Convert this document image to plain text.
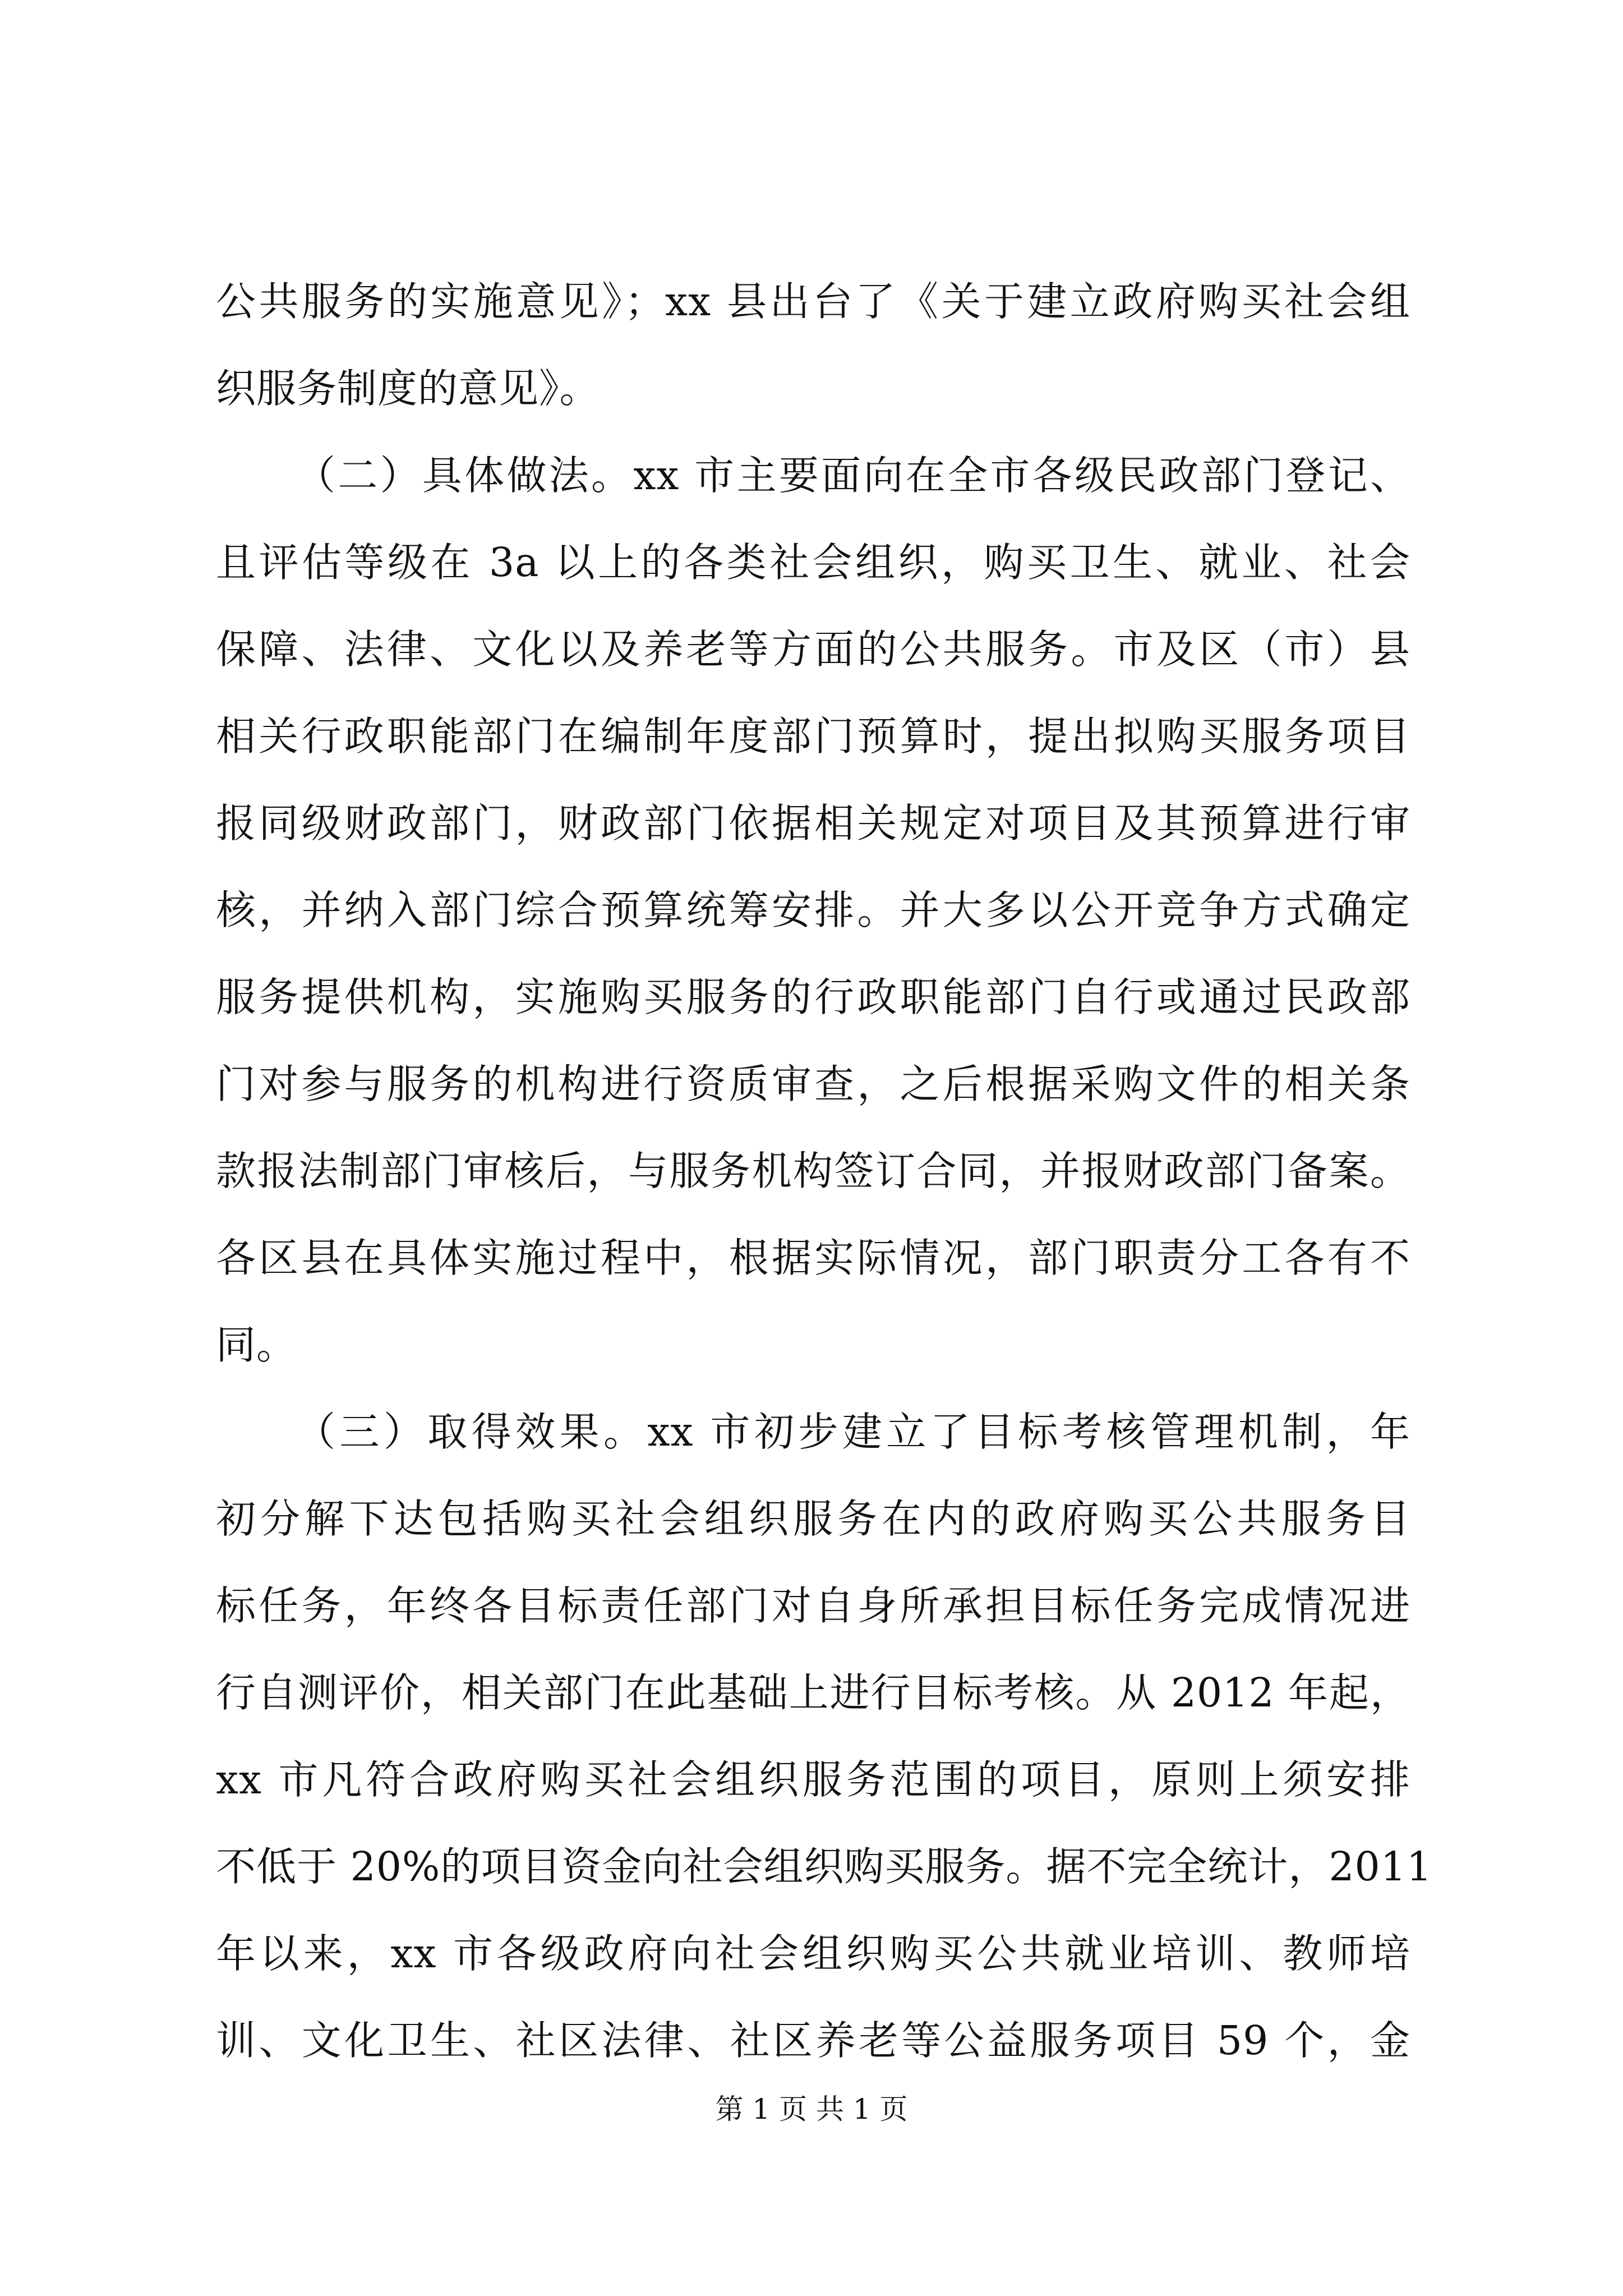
公共服务的实施意见》；xx 县出台了《关于建立政府购买社会组
织服务制度的意见》。
（二）具体做法。xx 市主要面向在全市各级民政部门登记、
且评估等级在 3a 以上的各类社会组织，购买卫生、就业、社会
保障、法律、文化以及养老等方面的公共服务。市及区（市）县
相关行政职能部门在编制年度部门预算时，提出拟购买服务项目
报同级财政部门，财政部门依据相关规定对项目及其预算进行审
核，并纳入部门综合预算统筹安排。并大多以公开竞争方式确定
服务提供机构，实施购买服务的行政职能部门自行或通过民政部
门对参与服务的机构进行资质审查，之后根据采购文件的相关条
款报法制部门审核后，与服务机构签订合同，并报财政部门备案。
各区县在具体实施过程中，根据实际情况，部门职责分工各有不
同。
（三）取得效果。xx 市初步建立了目标考核管理机制，年
初分解下达包括购买社会组织服务在内的政府购买公共服务目
标任务，年终各目标责任部门对自身所承担目标任务完成情况进
行自测评价，相关部门在此基础上进行目标考核。从 2012 年起，
xx 市凡符合政府购买社会组织服务范围的项目，原则上须安排
不低于 20%的项目资金向社会组织购买服务。据不完全统计，2011
年以来，xx 市各级政府向社会组织购买公共就业培训、教师培
训、文化卫生、社区法律、社区养老等公益服务项目 59 个，金
第 1 页 共 1 页
